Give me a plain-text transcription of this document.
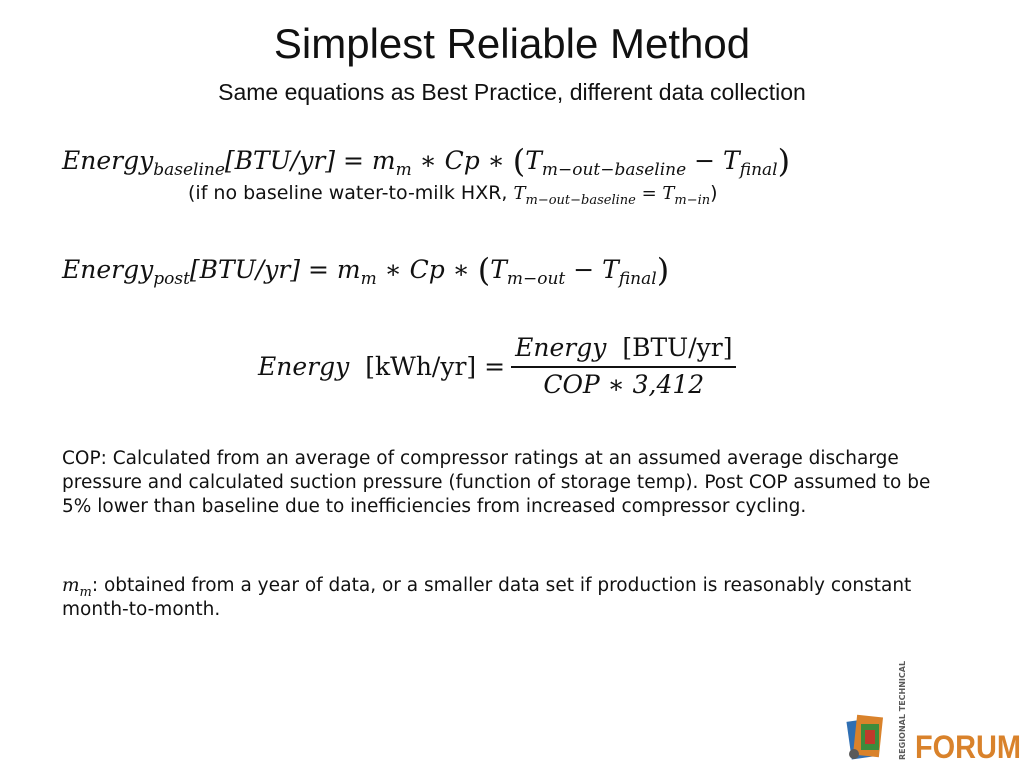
Simplest Reliable Method
Same equations as Best Practice, different data collection
Energy$_{baseline}$[BTU/yr] = $m_m$ ∗ Cp ∗ $(T_{m-out-baseline} - T_{final})$
(if no baseline water-to-milk HXR, $T_{m-out-baseline} = T_{m-in}$)
Energy$_{post}$[BTU/yr] = $m_m$ ∗ Cp ∗ $(T_{m-out} - T_{final})$
Energy $[kWh/yr] = \frac{\text{Energy [BTU/yr]}}{\text{COP ∗ 3,412}}$
COP: Calculated from an average of compressor ratings at an assumed average discharge pressure and calculated suction pressure (function of storage temp). Post COP assumed to be 5% lower than baseline due to inefficiencies from increased compressor cycling.
$m_m$: obtained from a year of data, or a smaller data set if production is reasonably constant month-to-month.
REGIONAL TECHNICAL FORUM
